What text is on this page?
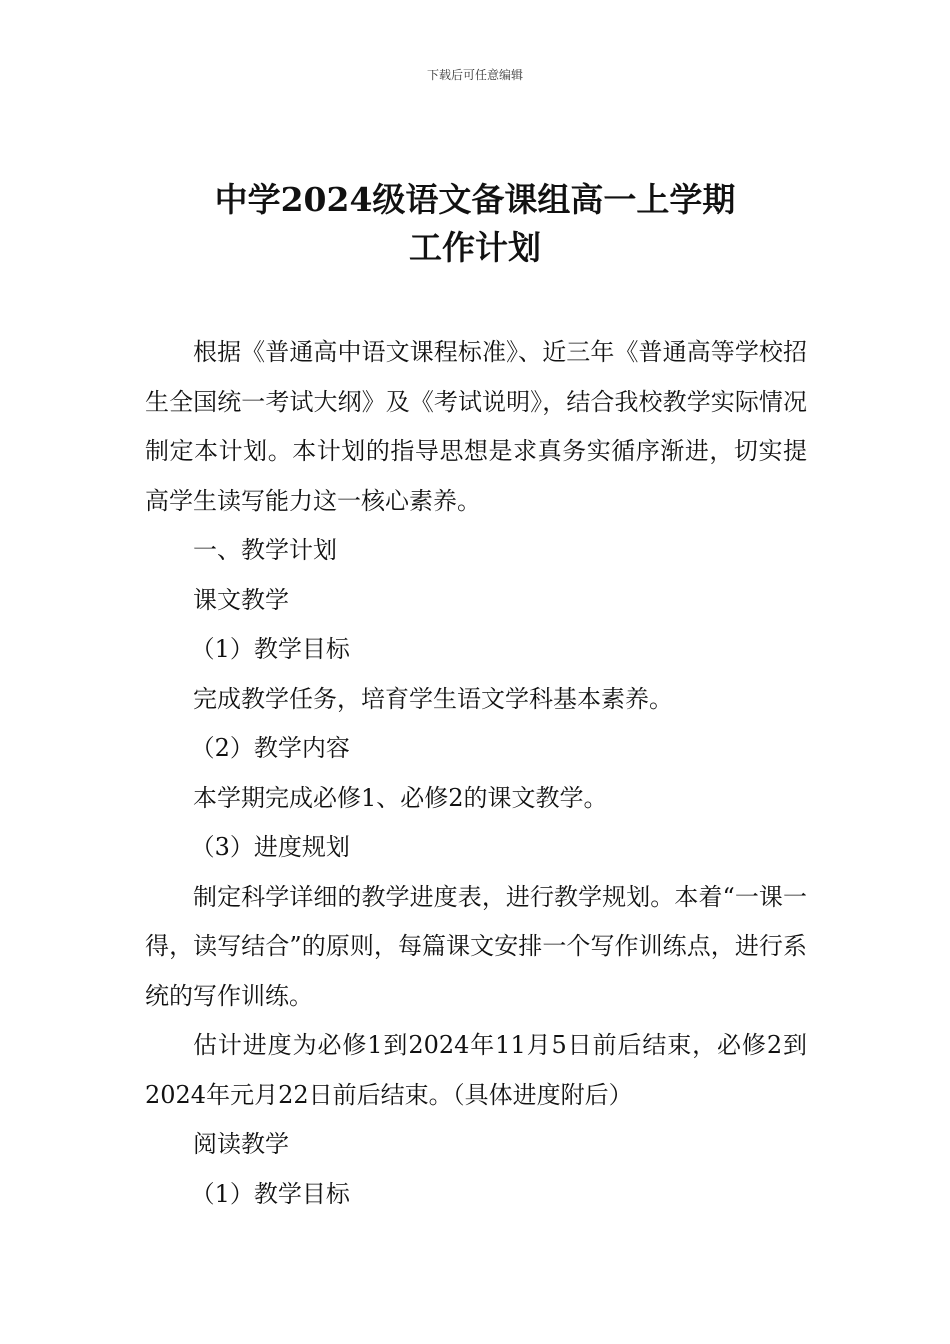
下载后可任意编辑
中学2024级语文备课组高一上学期
工作计划

根据《普通高中语文课程标准》、近三年《普通高等学校招生全国统一考试大纲》及《考试说明》，结合我校教学实际情况制定本计划。本计划的指导思想是求真务实循序渐进，切实提高学生读写能力这一核心素养。

一、教学计划

课文教学

（1）教学目标

完成教学任务，培育学生语文学科基本素养。

（2）教学内容

本学期完成必修1、必修2的课文教学。

（3）进度规划

制定科学详细的教学进度表，进行教学规划。本着“一课一得，读写结合”的原则，每篇课文安排一个写作训练点，进行系统的写作训练。

估计进度为必修1到2024年11月5日前后结束，必修2到2024年元月22日前后结束。（具体进度附后）

阅读教学

（1）教学目标
